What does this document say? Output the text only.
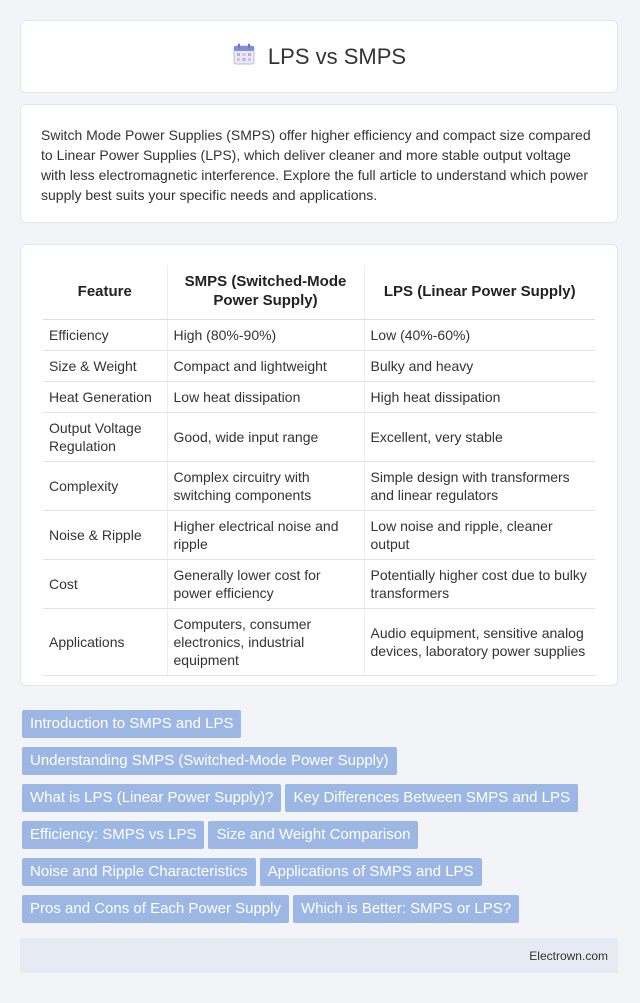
LPS vs SMPS
Switch Mode Power Supplies (SMPS) offer higher efficiency and compact size compared to Linear Power Supplies (LPS), which deliver cleaner and more stable output voltage with less electromagnetic interference. Explore the full article to understand which power supply best suits your specific needs and applications.
Feature	SMPS (Switched-Mode Power Supply)	LPS (Linear Power Supply)
Efficiency	High (80%-90%)	Low (40%-60%)
Size & Weight	Compact and lightweight	Bulky and heavy
Heat Generation	Low heat dissipation	High heat dissipation
Output Voltage Regulation	Good, wide input range	Excellent, very stable
Complexity	Complex circuitry with switching components	Simple design with transformers and linear regulators
Noise & Ripple	Higher electrical noise and ripple	Low noise and ripple, cleaner output
Cost	Generally lower cost for power efficiency	Potentially higher cost due to bulky transformers
Applications	Computers, consumer electronics, industrial equipment	Audio equipment, sensitive analog devices, laboratory power supplies
Introduction to SMPS and LPS
Understanding SMPS (Switched-Mode Power Supply)
What is LPS (Linear Power Supply)? Key Differences Between SMPS and LPS
Efficiency: SMPS vs LPS Size and Weight Comparison
Noise and Ripple Characteristics Applications of SMPS and LPS
Pros and Cons of Each Power Supply Which is Better: SMPS or LPS?
Electrown.com
